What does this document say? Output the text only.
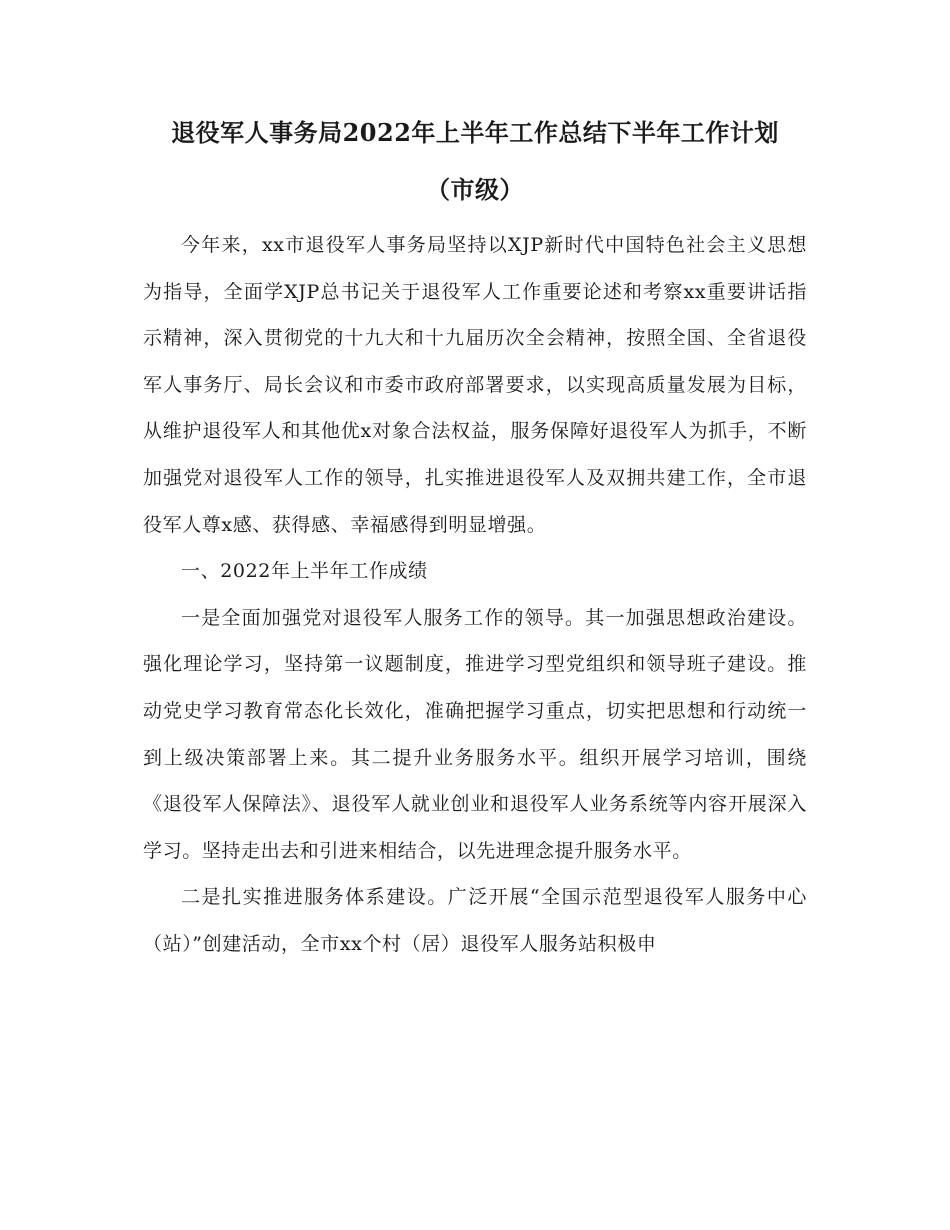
退役军人事务局2022年上半年工作总结下半年工作计划
（市级）

今年来，xx市退役军人事务局坚持以XJP新时代中国特色社会主义思想为指导，全面学XJP总书记关于退役军人工作重要论述和考察xx重要讲话指示精神，深入贯彻党的十九大和十九届历次全会精神，按照全国、全省退役军人事务厅、局长会议和市委市政府部署要求，以实现高质量发展为目标，从维护退役军人和其他优x对象合法权益，服务保障好退役军人为抓手，不断加强党对退役军人工作的领导，扎实推进退役军人及双拥共建工作，全市退役军人尊x感、获得感、幸福感得到明显增强。

一、2022年上半年工作成绩

一是全面加强党对退役军人服务工作的领导。其一加强思想政治建设。强化理论学习，坚持第一议题制度，推进学习型党组织和领导班子建设。推动党史学习教育常态化长效化，准确把握学习重点，切实把思想和行动统一到上级决策部署上来。其二提升业务服务水平。组织开展学习培训，围绕《退役军人保障法》、退役军人就业创业和退役军人业务系统等内容开展深入学习。坚持走出去和引进来相结合，以先进理念提升服务水平。

二是扎实推进服务体系建设。广泛开展“全国示范型退役军人服务中心（站）”创建活动，全市xx个村（居）退役军人服务站积极申
